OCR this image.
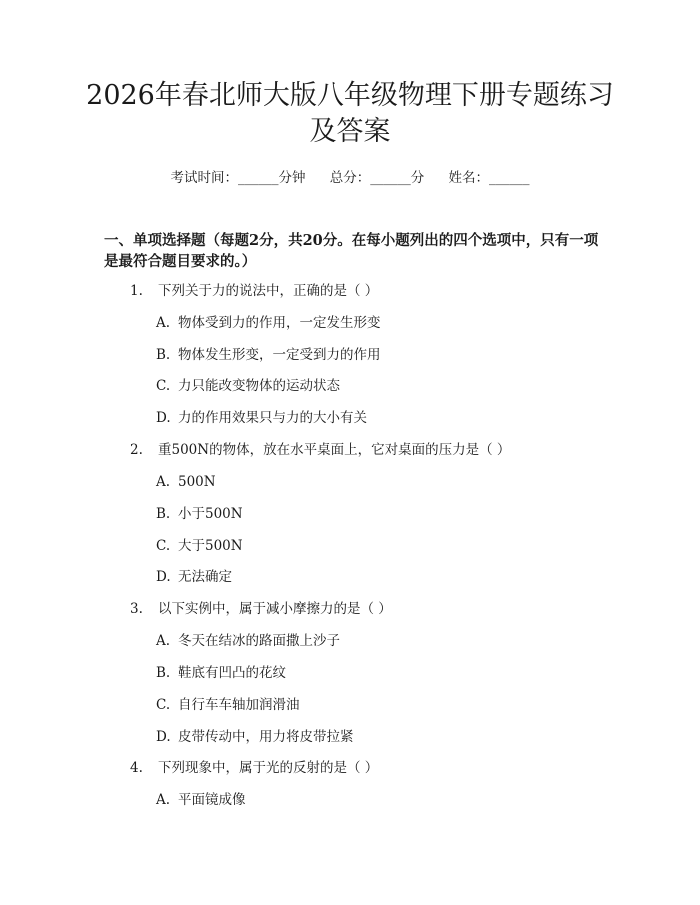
2026年春北师大版八年级物理下册专题练习
及答案
考试时间：______分钟 总分：______分 姓名：______
一、单项选择题（每题2分，共20分。在每小题列出的四个选项中，只有一项是最符合题目要求的。）
1. 下列关于力的说法中，正确的是（ ）
A. 物体受到力的作用，一定发生形变
B. 物体发生形变，一定受到力的作用
C. 力只能改变物体的运动状态
D. 力的作用效果只与力的大小有关
2. 重500N的物体，放在水平桌面上，它对桌面的压力是（ ）
A. 500N
B. 小于500N
C. 大于500N
D. 无法确定
3. 以下实例中，属于减小摩擦力的是（ ）
A. 冬天在结冰的路面撒上沙子
B. 鞋底有凹凸的花纹
C. 自行车车轴加润滑油
D. 皮带传动中，用力将皮带拉紧
4. 下列现象中，属于光的反射的是（ ）
A. 平面镜成像
